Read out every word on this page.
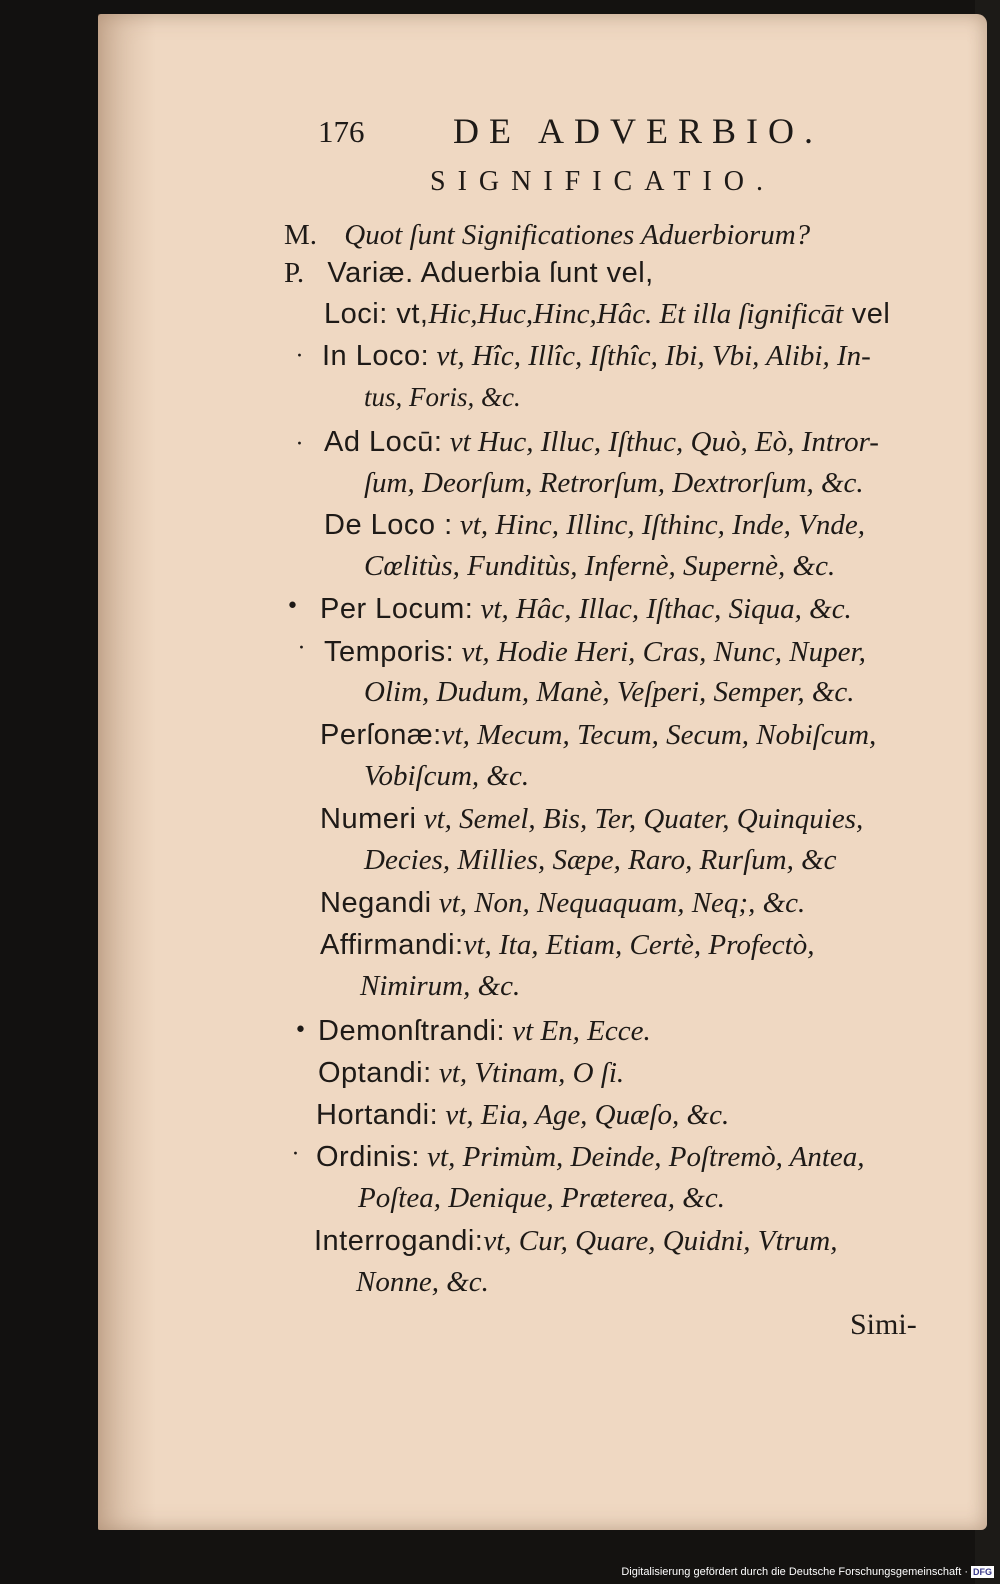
176 DE ADVERBIO.
SIGNIFICATIO.
M. Quot ſunt Significationes Aduerbiorum?
P. Variæ. Aduerbia ſunt vel,
Loci: vt,Hic,Huc,Hinc,Hâc. Et illa ſignificāt vel
· In Loco: vt, Hîc, Illîc, Iſthîc, Ibi, Vbi, Alibi, In-
tus, Foris, &c.
· Ad Locū: vt Huc, Illuc, Iſthuc, Quò, Eò, Intror-
ſum, Deorſum, Retrorſum, Dextrorſum, &c.
De Loco : vt, Hinc, Illinc, Iſthinc, Inde, Vnde,
Cœlitùs, Funditùs, Infernè, Supernè, &c.
• Per Locum: vt, Hâc, Illac, Iſthac, Siqua, &c.
· Temporis: vt, Hodie Heri, Cras, Nunc, Nuper,
Olim, Dudum, Manè, Veſperi, Semper, &c.
Perſonæ:vt, Mecum, Tecum, Secum, Nobiſcum,
Vobiſcum, &c.
Numeri vt, Semel, Bis, Ter, Quater, Quinquies,
Decies, Millies, Sæpe, Raro, Rurſum, &c
Negandi vt, Non, Nequaquam, Neq;, &c.
Affirmandi:vt, Ita, Etiam, Certè, Profectò,
Nimirum, &c.
• Demonſtrandi: vt En, Ecce.
Optandi: vt, Vtinam, O ſi.
Hortandi: vt, Eia, Age, Quæſo, &c.
· Ordinis: vt, Primùm, Deinde, Poſtremò, Antea,
Poſtea, Denique, Præterea, &c.
Interrogandi:vt, Cur, Quare, Quidni, Vtrum,
Nonne, &c.
Simi-
Digitalisierung gefördert durch die Deutsche Forschungsgemeinschaft · DFG
